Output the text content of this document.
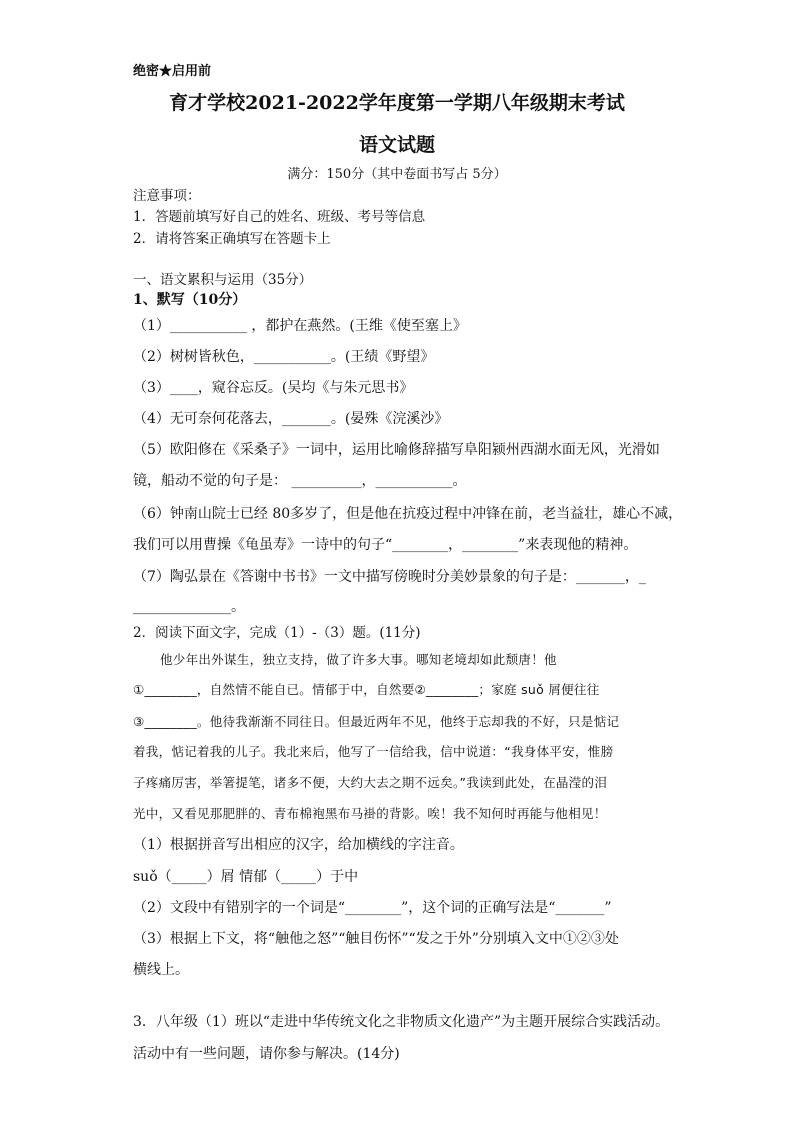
绝密★启用前
育才学校2021-2022学年度第一学期八年级期末考试
语文试题
满分：150分（其中卷面书写占 5分）
注意事项：
1．答题前填写好自己的姓名、班级、考号等信息
2．请将答案正确填写在答题卡上
一、语文累积与运用（35分）
1、默写（10分）
（1）___________ ，都护在燕然。(王维《使至塞上》
（2）树树皆秋色，___________。(王绩《野望》
（3）____，窥谷忘反。(吴均《与朱元思书》
（4）无可奈何花落去，_______。(晏殊《浣溪沙》
（5）欧阳修在《采桑子》一词中，运用比喻修辞描写阜阳颍州西湖水面无风，光滑如
镜，船动不觉的句子是： __________，___________。
（6）钟南山院士已经 80多岁了，但是他在抗疫过程中冲锋在前，老当益壮，雄心不减，
我们可以用曹操《龟虽寿》一诗中的句子“________，________”来表现他的精神。
（7）陶弘景在《答谢中书书》一文中描写傍晚时分美妙景象的句子是：_______，_
______________。
2．阅读下面文字，完成（1）-（3）题。(11分)
他少年出外谋生，独立支持，做了许多大事。哪知老境却如此颓唐！他
①________，自然情不能自已。情郁于中，自然要②________；家庭 suǒ 屑便往往
③________。他待我渐渐不同往日。但最近两年不见，他终于忘却我的不好，只是惦记
着我，惦记着我的儿子。我北来后，他写了一信给我，信中说道：“我身体平安，惟膀
子疼痛厉害，举箸提笔，诸多不便，大约大去之期不远矣。”我读到此处，在晶滢的泪
光中，又看见那肥胖的、青布棉袍黑布马褂的背影。唉！我不知何时再能与他相见！
（1）根据拼音写出相应的汉字，给加横线的字注音。
suǒ（_____）屑 情郁（_____）于中
（2）文段中有错别字的一个词是“________”，这个词的正确写法是“_______”
（3）根据上下文，将“触他之怒”“触目伤怀”“发之于外”分别填入文中①②③处
横线上。
3．八年级（1）班以“走进中华传统文化之非物质文化遗产”为主题开展综合实践活动。
活动中有一些问题，请你参与解决。(14分)
